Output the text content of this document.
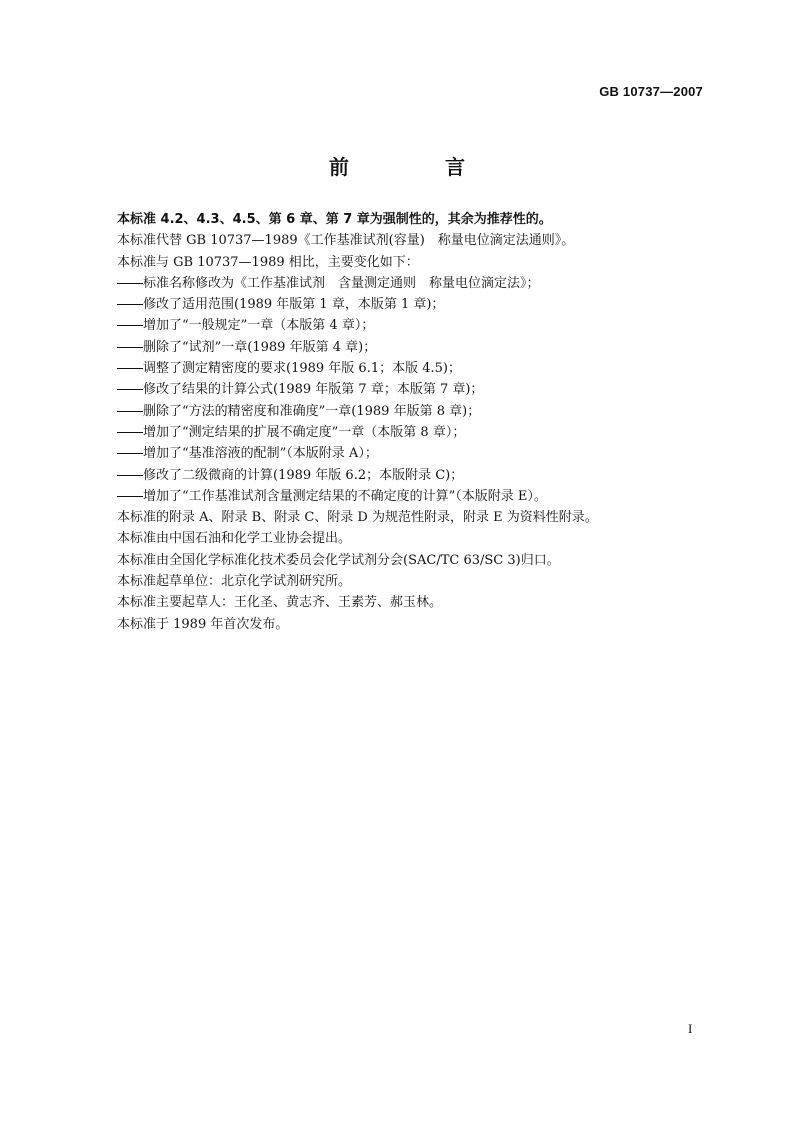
GB 10737—2007
前　言
本标准 4.2、4.3、4.5、第 6 章、第 7 章为强制性的，其余为推荐性的。
本标准代替 GB 10737—1989《工作基准试剂(容量)　称量电位滴定法通则》。
本标准与 GB 10737—1989 相比，主要变化如下：
标准名称修改为《工作基准试剂　含量测定通则　称量电位滴定法》；
修改了适用范围(1989 年版第 1 章，本版第 1 章)；
增加了“一般规定”一章（本版第 4 章）；
删除了“试剂”一章(1989 年版第 4 章)；
调整了测定精密度的要求(1989 年版 6.1；本版 4.5)；
修改了结果的计算公式(1989 年版第 7 章；本版第 7 章)；
删除了“方法的精密度和准确度”一章(1989 年版第 8 章)；
增加了“测定结果的扩展不确定度”一章（本版第 8 章）；
增加了“基准溶液的配制”（本版附录 A）；
修改了二级微商的计算(1989 年版 6.2；本版附录 C)；
增加了“工作基准试剂含量测定结果的不确定度的计算”（本版附录 E）。
本标准的附录 A、附录 B、附录 C、附录 D 为规范性附录，附录 E 为资料性附录。
本标准由中国石油和化学工业协会提出。
本标准由全国化学标准化技术委员会化学试剂分会(SAC/TC 63/SC 3)归口。
本标准起草单位：北京化学试剂研究所。
本标准主要起草人：王化圣、黄志齐、王素芳、郝玉林。
本标准于 1989 年首次发布。
I
